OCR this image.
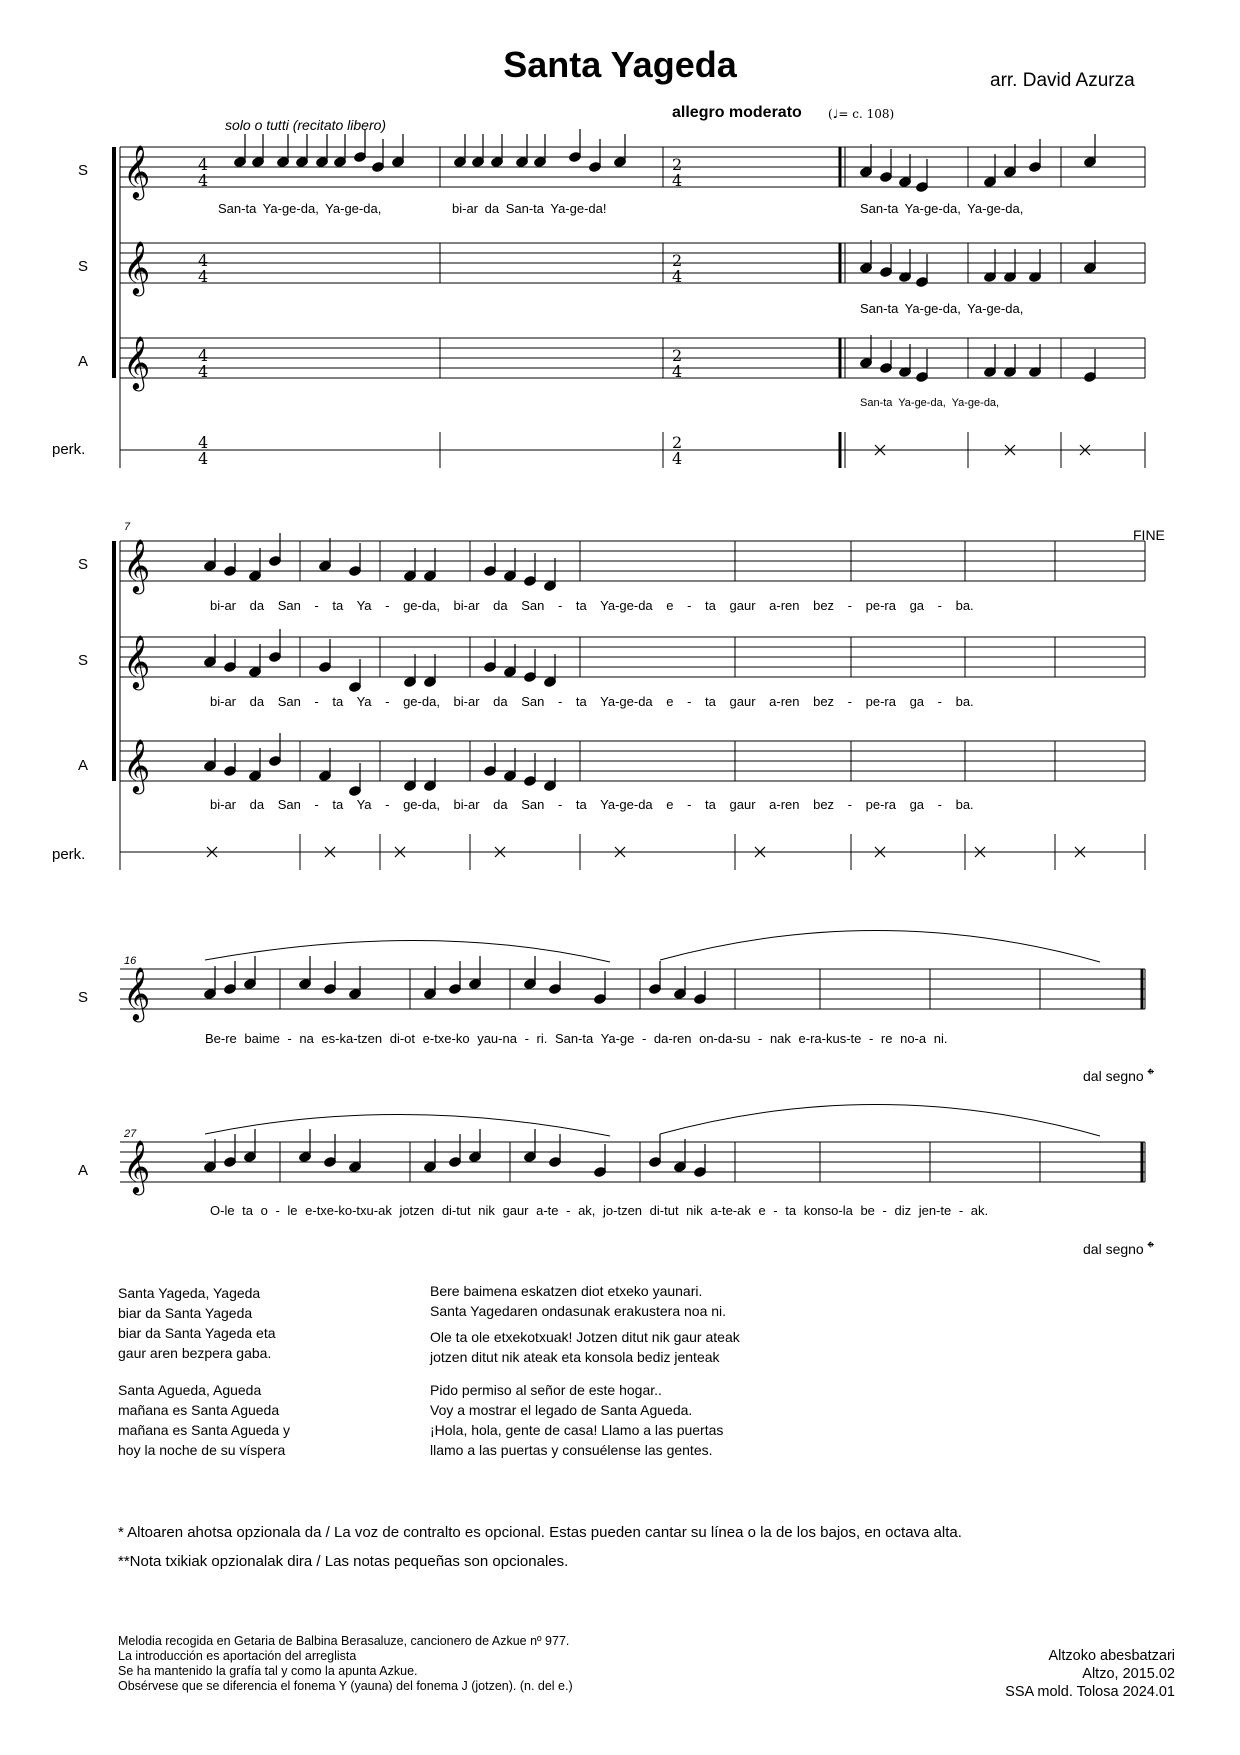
Santa Yageda	arr. David Azurza
allegro moderato (♩= c. 108)
solo o tutti (recitato libero)
𝄞	4
4
2
4
𝄞	4
4
2
4
𝄞	4
4
2
4
4
4
2
4
𝄞
𝄞
𝄞
𝄞
𝄞
S
S
A
perk.
San-ta Ya-ge-da, Ya-ge-da,	bi-ar da San-ta Ya-ge-da!	San-ta Ya-ge-da, Ya-ge-da,
San-ta Ya-ge-da, Ya-ge-da,
San-ta Ya-ge-da, Ya-ge-da,
7	FINE
S
S
A
perk.
bi-ar da San - ta Ya - ge-da, bi-ar da San - ta Ya-ge-da e - ta gaur a-ren bez - pe-ra ga - ba.
bi-ar da San - ta Ya - ge-da, bi-ar da San - ta Ya-ge-da e - ta gaur a-ren bez - pe-ra ga - ba.
bi-ar da San - ta Ya - ge-da, bi-ar da San - ta Ya-ge-da e - ta gaur a-ren bez - pe-ra ga - ba.
16
S
Be-re baime - na es-ka-tzen di-ot e-txe-ko yau-na - ri. San-ta Ya-ge - da-ren on-da-su - nak e-ra-kus-te - re no-a ni.
dal segno 𝄌
27
A
O-le ta o - le e-txe-ko-txu-ak jotzen di-tut nik gaur a-te - ak, jo-tzen di-tut nik a-te-ak e - ta konso-la be - diz jen-te - ak.
dal segno 𝄌
Santa Yageda, Yageda
biar da Santa Yageda
biar da Santa Yageda eta
gaur aren bezpera gaba.
Santa Agueda, Agueda
mañana es Santa Agueda
mañana es Santa Agueda y
hoy la noche de su víspera
Bere baimena eskatzen diot etxeko yaunari.
Santa Yagedaren ondasunak erakustera noa ni.
Ole ta ole etxekotxuak! Jotzen ditut nik gaur ateak
jotzen ditut nik ateak eta konsola bediz jenteak
Pido permiso al señor de este hogar..
Voy a mostrar el legado de Santa Agueda.
¡Hola, hola, gente de casa! Llamo a las puertas
llamo a las puertas y consuélense las gentes.
* Altoaren ahotsa opzionala da / La voz de contralto es opcional. Estas pueden cantar su línea o la de los bajos, en octava alta.
**Nota txikiak opzionalak dira / Las notas pequeñas son opcionales.
Melodia recogida en Getaria de Balbina Berasaluze, cancionero de Azkue nº 977.
La introducción es aportación del arreglista
Se ha mantenido la grafía tal y como la apunta Azkue.
Obsérvese que se diferencia el fonema Y (yauna) del fonema J (jotzen). (n. del e.)
Altzoko abesbatzari
Altzo, 2015.02
SSA mold. Tolosa 2024.01
